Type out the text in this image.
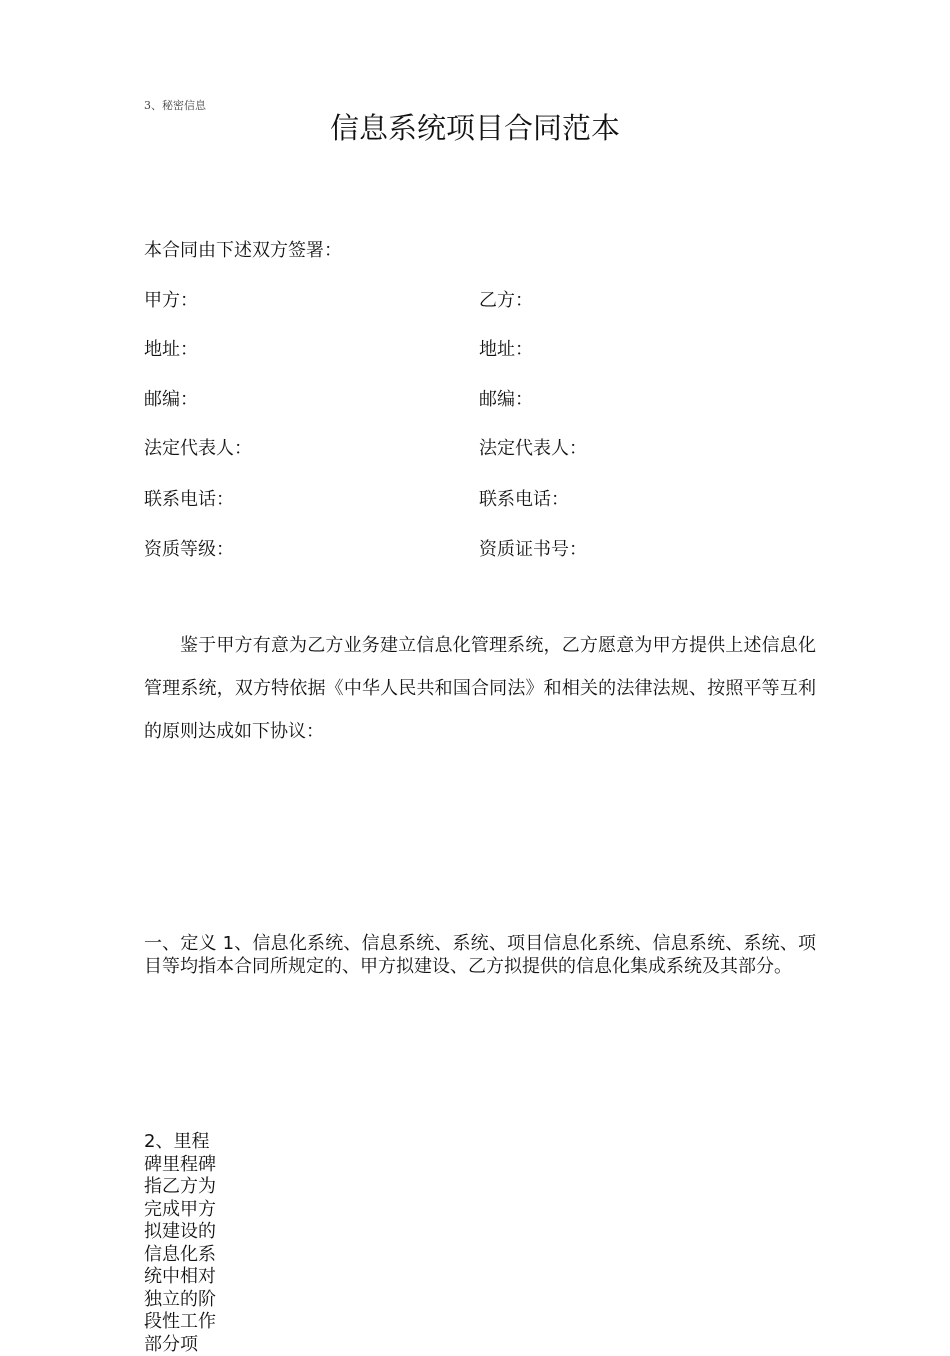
3、秘密信息
信息系统项目合同范本
本合同由下述双方签署：
甲方：
地址：
邮编：
法定代表人：
联系电话：
资质等级：
乙方：
地址：
邮编：
法定代表人：
联系电话：
资质证书号：

鉴于甲方有意为乙方业务建立信息化管理系统，乙方愿意为甲方提供上述信息化管理系统，双方特依据《中华人民共和国合同法》和相关的法律法规、按照平等互利的原则达成如下协议：

一、定义 1、信息化系统、信息系统、系统、项目信息化系统、信息系统、系统、项目等均指本合同所规定的、甲方拟建设、乙方拟提供的信息化集成系统及其部分。

2、里程碑里程碑指乙方为完成甲方拟建设的信息化系统中相对独立的阶段性工作部分项
